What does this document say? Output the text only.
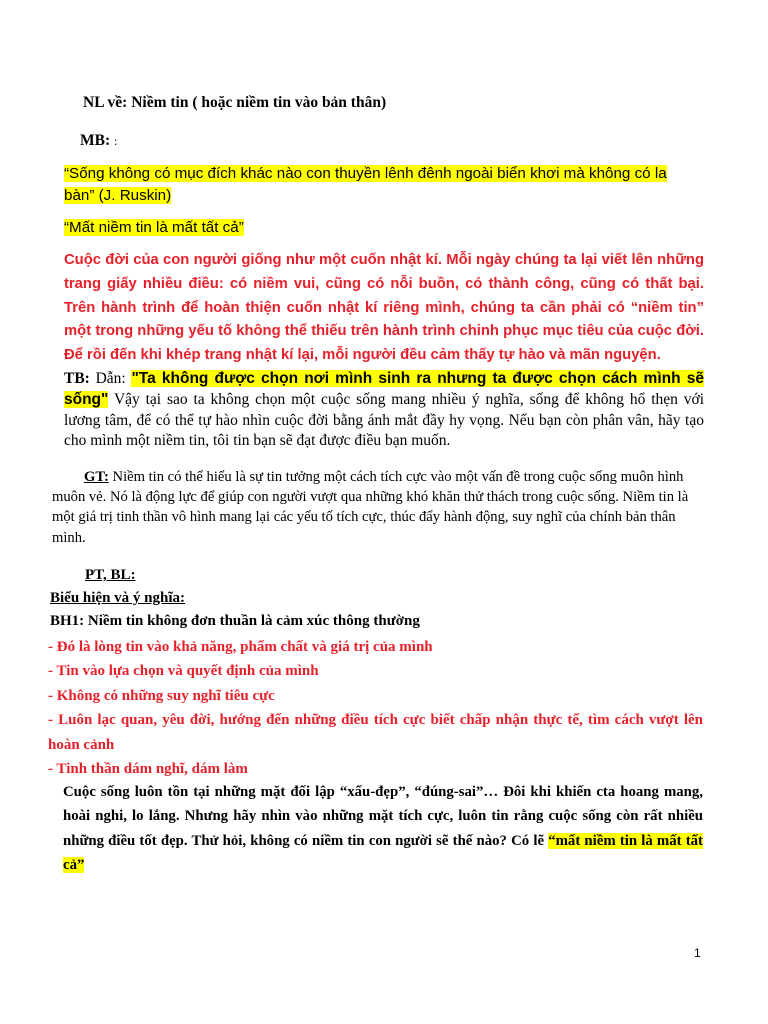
NL về: Niềm tin ( hoặc niềm tin vào bản thân)
MB: :
“Sống không có mục đích khác nào con thuyền lênh đênh ngoài biển khơi mà không có la bàn” (J. Ruskin)
“Mất niềm tin là mất tất cả”
Cuộc đời của con người giống như một cuốn nhật kí. Mỗi ngày chúng ta lại viết lên những trang giấy nhiều điều: có niềm vui, cũng có nỗi buồn, có thành công, cũng có thất bại. Trên hành trình để hoàn thiện cuốn nhật kí riêng mình, chúng ta cần phải có “niềm tin” một trong những yếu tố không thể thiếu trên hành trình chinh phục mục tiêu của cuộc đời. Để rồi đến khi khép trang nhật kí lại, mỗi người đều cảm thấy tự hào và mãn nguyện.
TB: Dẫn: "Ta không được chọn nơi mình sinh ra nhưng ta được chọn cách mình sẽ sống" Vậy tại sao ta không chọn một cuộc sống mang nhiều ý nghĩa, sống để không hổ thẹn với lương tâm, để có thể tự hào nhìn cuộc đời bằng ánh mắt đầy hy vọng. Nếu bạn còn phân vân, hãy tạo cho mình một niềm tin, tôi tin bạn sẽ đạt được điều bạn muốn.
GT: Niềm tin có thể hiểu là sự tin tưởng một cách tích cực vào một vấn đề trong cuộc sống muôn hình muôn vẻ. Nó là động lực để giúp con người vượt qua những khó khăn thử thách trong cuộc sống. Niềm tin là một giá trị tinh thần vô hình mang lại các yếu tố tích cực, thúc đẩy hành động, suy nghĩ của chính bản thân mình.
PT, BL:
Biểu hiện và ý nghĩa:
BH1: Niềm tin không đơn thuần là cảm xúc thông thường
- Đó là lòng tin vào khả năng, phẩm chất và giá trị của mình
- Tin vào lựa chọn và quyết định của mình
- Không có những suy nghĩ tiêu cực
- Luôn lạc quan, yêu đời, hướng đến những điều tích cực biết chấp nhận thực tế, tìm cách vượt lên hoàn cảnh
- Tinh thần dám nghĩ, dám làm
Cuộc sống luôn tồn tại những mặt đối lập “xấu-đẹp”, “đúng-sai”… Đôi khi khiến cta hoang mang, hoài nghi, lo lắng. Nhưng hãy nhìn vào những mặt tích cực, luôn tin rằng cuộc sống còn rất nhiều những điều tốt đẹp. Thử hỏi, không có niềm tin con người sẽ thế nào? Có lẽ “mất niềm tin là mất tất cả”
1
